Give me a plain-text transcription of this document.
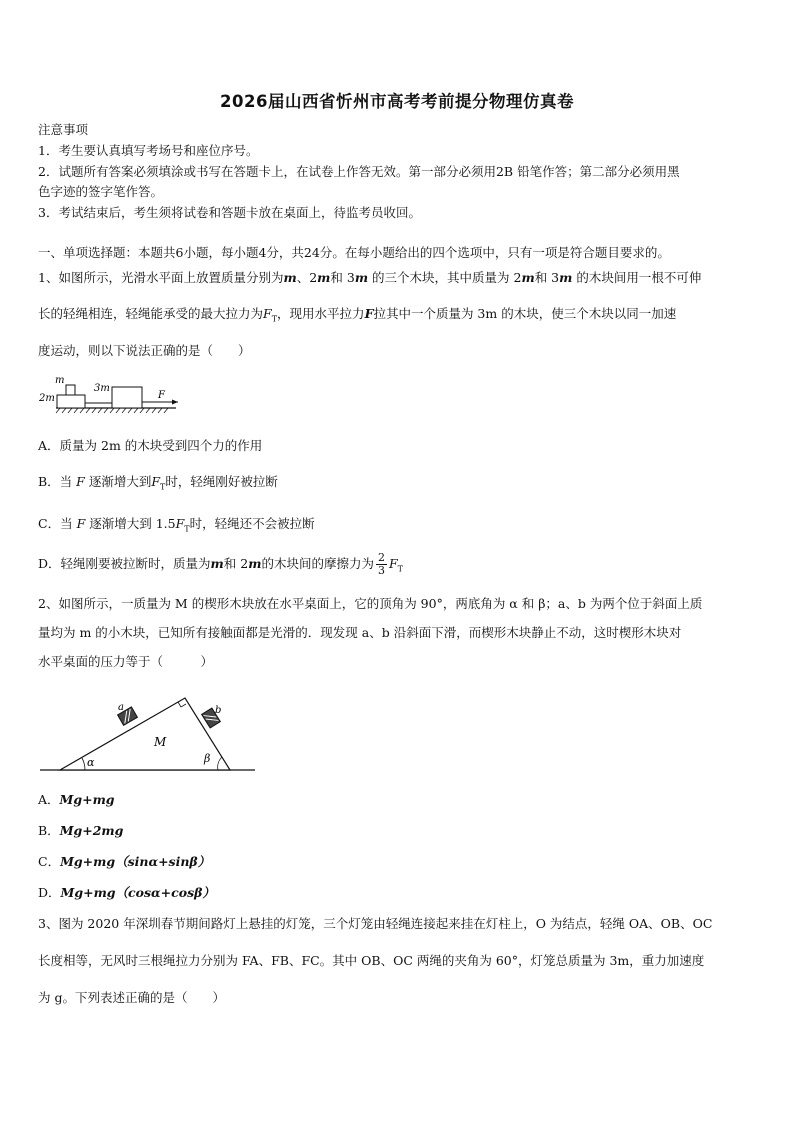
2026届山西省忻州市高考考前提分物理仿真卷
注意事项
1．考生要认真填写考场号和座位序号。
2．试题所有答案必须填涂或书写在答题卡上，在试卷上作答无效。第一部分必须用2B 铅笔作答；第二部分必须用黑
色字迹的签字笔作答。
3．考试结束后，考生须将试卷和答题卡放在桌面上，待监考员收回。
一、单项选择题：本题共6小题，每小题4分，共24分。在每小题给出的四个选项中，只有一项是符合题目要求的。
1、如图所示，光滑水平面上放置质量分别为m、2m和 3m 的三个木块，其中质量为 2m和 3m 的木块间用一根不可伸
长的轻绳相连，轻绳能承受的最大拉力为$F_T$，现用水平拉力F拉其中一个质量为 3m 的木块，使三个木块以同一加速
度运动，则以下说法正确的是（　　）
m
3m
2m	F
A．质量为 2m 的木块受到四个力的作用
B．当 F 逐渐增大到$F_T$时，轻绳刚好被拉断
C．当 F 逐渐增大到 $1.5F_T$时，轻绳还不会被拉断
D．轻绳刚要被拉断时，质量为m和 2m的木块间的摩擦力为 $\frac{2}{3} F_T$
2、如图所示，一质量为 M 的楔形木块放在水平桌面上，它的顶角为 90°，两底角为 α 和 β；a、b 为两个位于斜面上质
量均为 m 的小木块，已知所有接触面都是光滑的．现发现 a、b 沿斜面下滑，而楔形木块静止不动，这时楔形木块对
水平桌面的压力等于（　　　）
a	b
M
α	β
A．Mg+mg
B．Mg+2mg
C．Mg+mg（sinα+sinβ）
D．Mg+mg（cosα+cosβ）
3、图为 2020 年深圳春节期间路灯上悬挂的灯笼，三个灯笼由轻绳连接起来挂在灯柱上，O 为结点，轻绳 OA、OB、OC
长度相等，无风时三根绳拉力分别为 FA、FB、FC。其中 OB、OC 两绳的夹角为 60°，灯笼总质量为 3m，重力加速度
为 g。下列表述正确的是（　　）
